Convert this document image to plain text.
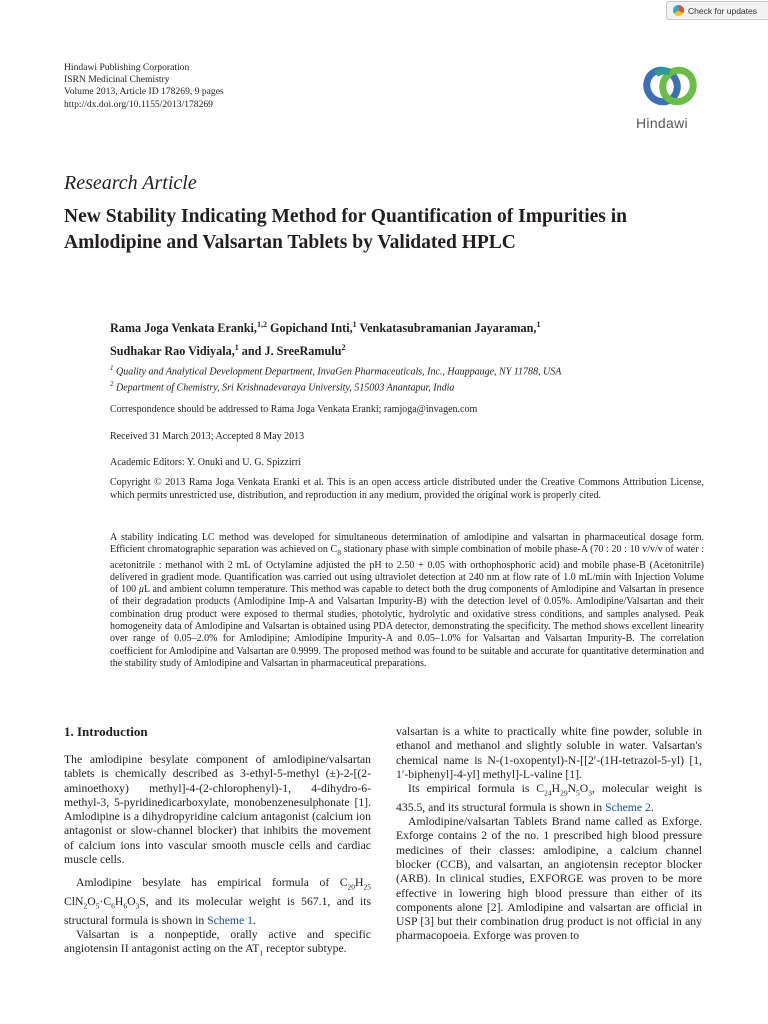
Check for updates
Hindawi Publishing Corporation
ISRN Medicinal Chemistry
Volume 2013, Article ID 178269, 9 pages
http://dx.doi.org/10.1155/2013/178269
Hindawi
Research Article
New Stability Indicating Method for Quantification of Impurities in Amlodipine and Valsartan Tablets by Validated HPLC
Rama Joga Venkata Eranki,$^{1,2}$ Gopichand Inti,$^1$ Venkatasubramanian Jayaraman,$^1$
Sudhakar Rao Vidiyala,$^1$ and J. SreeRamulu$^2$
$^1$ Quality and Analytical Development Department, InvaGen Pharmaceuticals, Inc., Hauppauge, NY 11788, USA
$^2$ Department of Chemistry, Sri Krishnadevaraya University, 515003 Anantapur, India
Correspondence should be addressed to Rama Joga Venkata Eranki; ramjoga@invagen.com
Received 31 March 2013; Accepted 8 May 2013
Academic Editors: Y. Onuki and U. G. Spizzirri
Copyright © 2013 Rama Joga Venkata Eranki et al. This is an open access article distributed under the Creative Commons Attribution License, which permits unrestricted use, distribution, and reproduction in any medium, provided the original work is properly cited.

A stability indicating LC method was developed for simultaneous determination of amlodipine and valsartan in pharmaceutical dosage form. Efficient chromatographic separation was achieved on $C_8$ stationary phase with simple combination of mobile phase-A (70 : 20 : 10 v/v/v of water : acetonitrile : methanol with 2 mL of Octylamine adjusted the pH to 2.50 + 0.05 with orthophosphoric acid) and mobile phase-B (Acetonitrile) delivered in gradient mode. Quantification was carried out using ultraviolet detection at 240 nm at flow rate of 1.0 mL/min with Injection Volume of 100 μL and ambient column temperature. This method was capable to detect both the drug components of Amlodipine and Valsartan in presence of their degradation products (Amlodipine Imp-A and Valsartan Impurity-B) with the detection level of 0.05%. Amlodipine/Valsartan and their combination drug product were exposed to thermal studies, photolytic, hydrolytic and oxidative stress conditions, and samples analysed. Peak homogeneity data of Amlodipine and Valsartan is obtained using PDA detector, demonstrating the specificity. The method shows excellent linearity over range of 0.05–2.0% for Amlodipine; Amlodipine Impurity-A and 0.05–1.0% for Valsartan and Valsartan Impurity-B. The correlation coefficient for Amlodipine and Valsartan are 0.9999. The proposed method was found to be suitable and accurate for quantitative determination and the stability study of Amlodipine and Valsartan in pharmaceutical preparations.

1. Introduction

The amlodipine besylate component of amlodipine/valsartan tablets is chemically described as 3-ethyl-5-methyl (±)-2-[(2-aminoethoxy) methyl]-4-(2-chlorophenyl)-1, 4-dihydro-6-methyl-3, 5-pyridinedicarboxylate, monobenzenesulphonate [1]. Amlodipine is a dihydropyridine calcium antagonist (calcium ion antagonist or slow-channel blocker) that inhibits the movement of calcium ions into vascular smooth muscle cells and cardiac muscle cells.

Amlodipine besylate has empirical formula of $C_{20}H_{25}$ $ClN_2O_5\cdot C_6H_6O_3S$, and its molecular weight is 567.1, and its structural formula is shown in Scheme 1.

Valsartan is a nonpeptide, orally active and specific angiotensin II antagonist acting on the $AT_1$ receptor subtype.

valsartan is a white to practically white fine powder, soluble in ethanol and methanol and slightly soluble in water. Valsartan's chemical name is N-(1-oxopentyl)-N-[[2′-(1H-tetrazol-5-yl) [1, 1′-biphenyl]-4-yl] methyl]-L-valine [1].

Its empirical formula is $C_{24}H_{29}N_5O_3$, molecular weight is 435.5, and its structural formula is shown in Scheme 2.

Amlodipine/valsartan Tablets Brand name called as Exforge. Exforge contains 2 of the no. 1 prescribed high blood pressure medicines of their classes: amlodipine, a calcium channel blocker (CCB), and valsartan, an angiotensin receptor blocker (ARB). In clinical studies, EXFORGE was proven to be more effective in lowering high blood pressure than either of its components alone [2]. Amlodipine and valsartan are official in USP [3] but their combination drug product is not official in any pharmacopoeia. Exforge was proven to
